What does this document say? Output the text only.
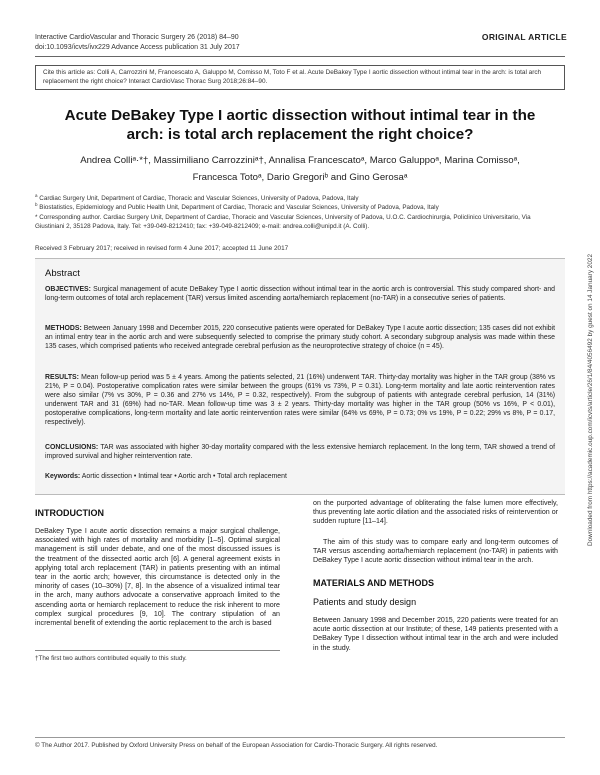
Interactive CardioVascular and Thoracic Surgery 26 (2018) 84–90
doi:10.1093/icvts/ivx229 Advance Access publication 31 July 2017
ORIGINAL ARTICLE
Cite this article as: Colli A, Carrozzini M, Francescato A, Galuppo M, Comisso M, Toto F et al. Acute DeBakey Type I aortic dissection without intimal tear in the arch: is total arch replacement the right choice? Interact CardioVasc Thorac Surg 2018;26:84–90.
Acute DeBakey Type I aortic dissection without intimal tear in the arch: is total arch replacement the right choice?
Andrea Colliᵃ·*†, Massimiliano Carrozziniᵃ†, Annalisa Francescatoᵃ, Marco Galuppoᵃ, Marina Comissoᵃ,
Francesca Totoᵃ, Dario Gregoriᵇ and Gino Gerosaᵃ
$^a$ Cardiac Surgery Unit, Department of Cardiac, Thoracic and Vascular Sciences, University of Padova, Padova, Italy
$^b$ Biostatistics, Epidemiology and Public Health Unit, Department of Cardiac, Thoracic and Vascular Sciences, University of Padova, Padova, Italy
* Corresponding author. Cardiac Surgery Unit, Department of Cardiac, Thoracic and Vascular Sciences, University of Padova, U.O.C. Cardiochirurgia, Policlinico Universitario, Via Giustiniani 2, 35128 Padova, Italy. Tel: +39-049-8212410; fax: +39-049-8212409; e-mail: andrea.colli@unipd.it (A. Colli).
Received 3 February 2017; received in revised form 4 June 2017; accepted 11 June 2017
Abstract
OBJECTIVES: Surgical management of acute DeBakey Type I aortic dissection without intimal tear in the aortic arch is controversial. This study compared short- and long-term outcomes of total arch replacement (TAR) versus limited ascending aorta/hemiarch replacement (no-TAR) in a consecutive series of patients.
METHODS: Between January 1998 and December 2015, 220 consecutive patients were operated for DeBakey Type I acute aortic dissection; 135 cases did not exhibit an intimal entry tear in the aortic arch and were subsequently selected to comprise the primary study cohort. A secondary subgroup analysis was made within these 135 cases, which comprised patients who received antegrade cerebral perfusion as the neuroprotective strategy of choice (n = 45).
RESULTS: Mean follow-up period was 5 ± 4 years. Among the patients selected, 21 (16%) underwent TAR. Thirty-day mortality was higher in the TAR group (38% vs 21%, P = 0.04). Postoperative complication rates were similar between the groups (61% vs 73%, P = 0.31). Long-term mortality and late aortic reintervention rates were also similar (7% vs 30%, P = 0.36 and 27% vs 14%, P = 0.32, respectively). From the subgroup of patients with antegrade cerebral perfusion, 14 (31%) underwent TAR and 31 (69%) had no-TAR. Mean follow-up time was 3 ± 2 years. Thirty-day mortality was higher in the TAR group (50% vs 16%, P < 0.01), postoperative complications, long-term mortality and late aortic reintervention rates were similar (64% vs 69%, P = 0.73; 0% vs 19%, P = 0.22; 29% vs 8%, P = 0.17, respectively).
CONCLUSIONS: TAR was associated with higher 30-day mortality compared with the less extensive hemiarch replacement. In the long term, TAR showed a trend of improved survival and higher reintervention rate.
Keywords: Aortic dissection • Intimal tear • Aortic arch • Total arch replacement
INTRODUCTION
DeBakey Type I acute aortic dissection remains a major surgical challenge, associated with high rates of mortality and morbidity [1–5]. Optimal surgical management is still under debate, and one of the most discussed issues is the treatment of the dissected aortic arch [6]. A general agreement exists in applying total arch replacement (TAR) in patients presenting with an intimal tear in the aortic arch; however, this circumstance is detected only in the minority of cases (10–30%) [7, 8]. In the absence of a visualized intimal tear in the arch, many authors advocate a conservative approach limited to the ascending aorta or hemiarch replacement to reduce the risk inherent to more complex surgical procedures [9, 10]. The contrary stipulation of an incremental benefit of extending the aortic replacement to the arch is based
†The first two authors contributed equally to this study.
on the purported advantage of obliterating the false lumen more effectively, thus preventing late aortic dilation and the associated risks of reintervention or sudden rupture [11–14].
The aim of this study was to compare early and long-term outcomes of TAR versus ascending aorta/hemiarch replacement (no-TAR) in patients with DeBakey Type I acute aortic dissection without intimal tear in the arch.
MATERIALS AND METHODS
Patients and study design
Between January 1998 and December 2015, 220 patients were treated for an acute aortic dissection at our Institute; of these, 149 patients presented with a DeBakey Type I dissection without intimal tear in the arch and were included in the study.
© The Author 2017. Published by Oxford University Press on behalf of the European Association for Cardio-Thoracic Surgery. All rights reserved.
Downloaded from https://academic.oup.com/icvts/article/26/1/84/4056492 by guest on 14 January 2022
